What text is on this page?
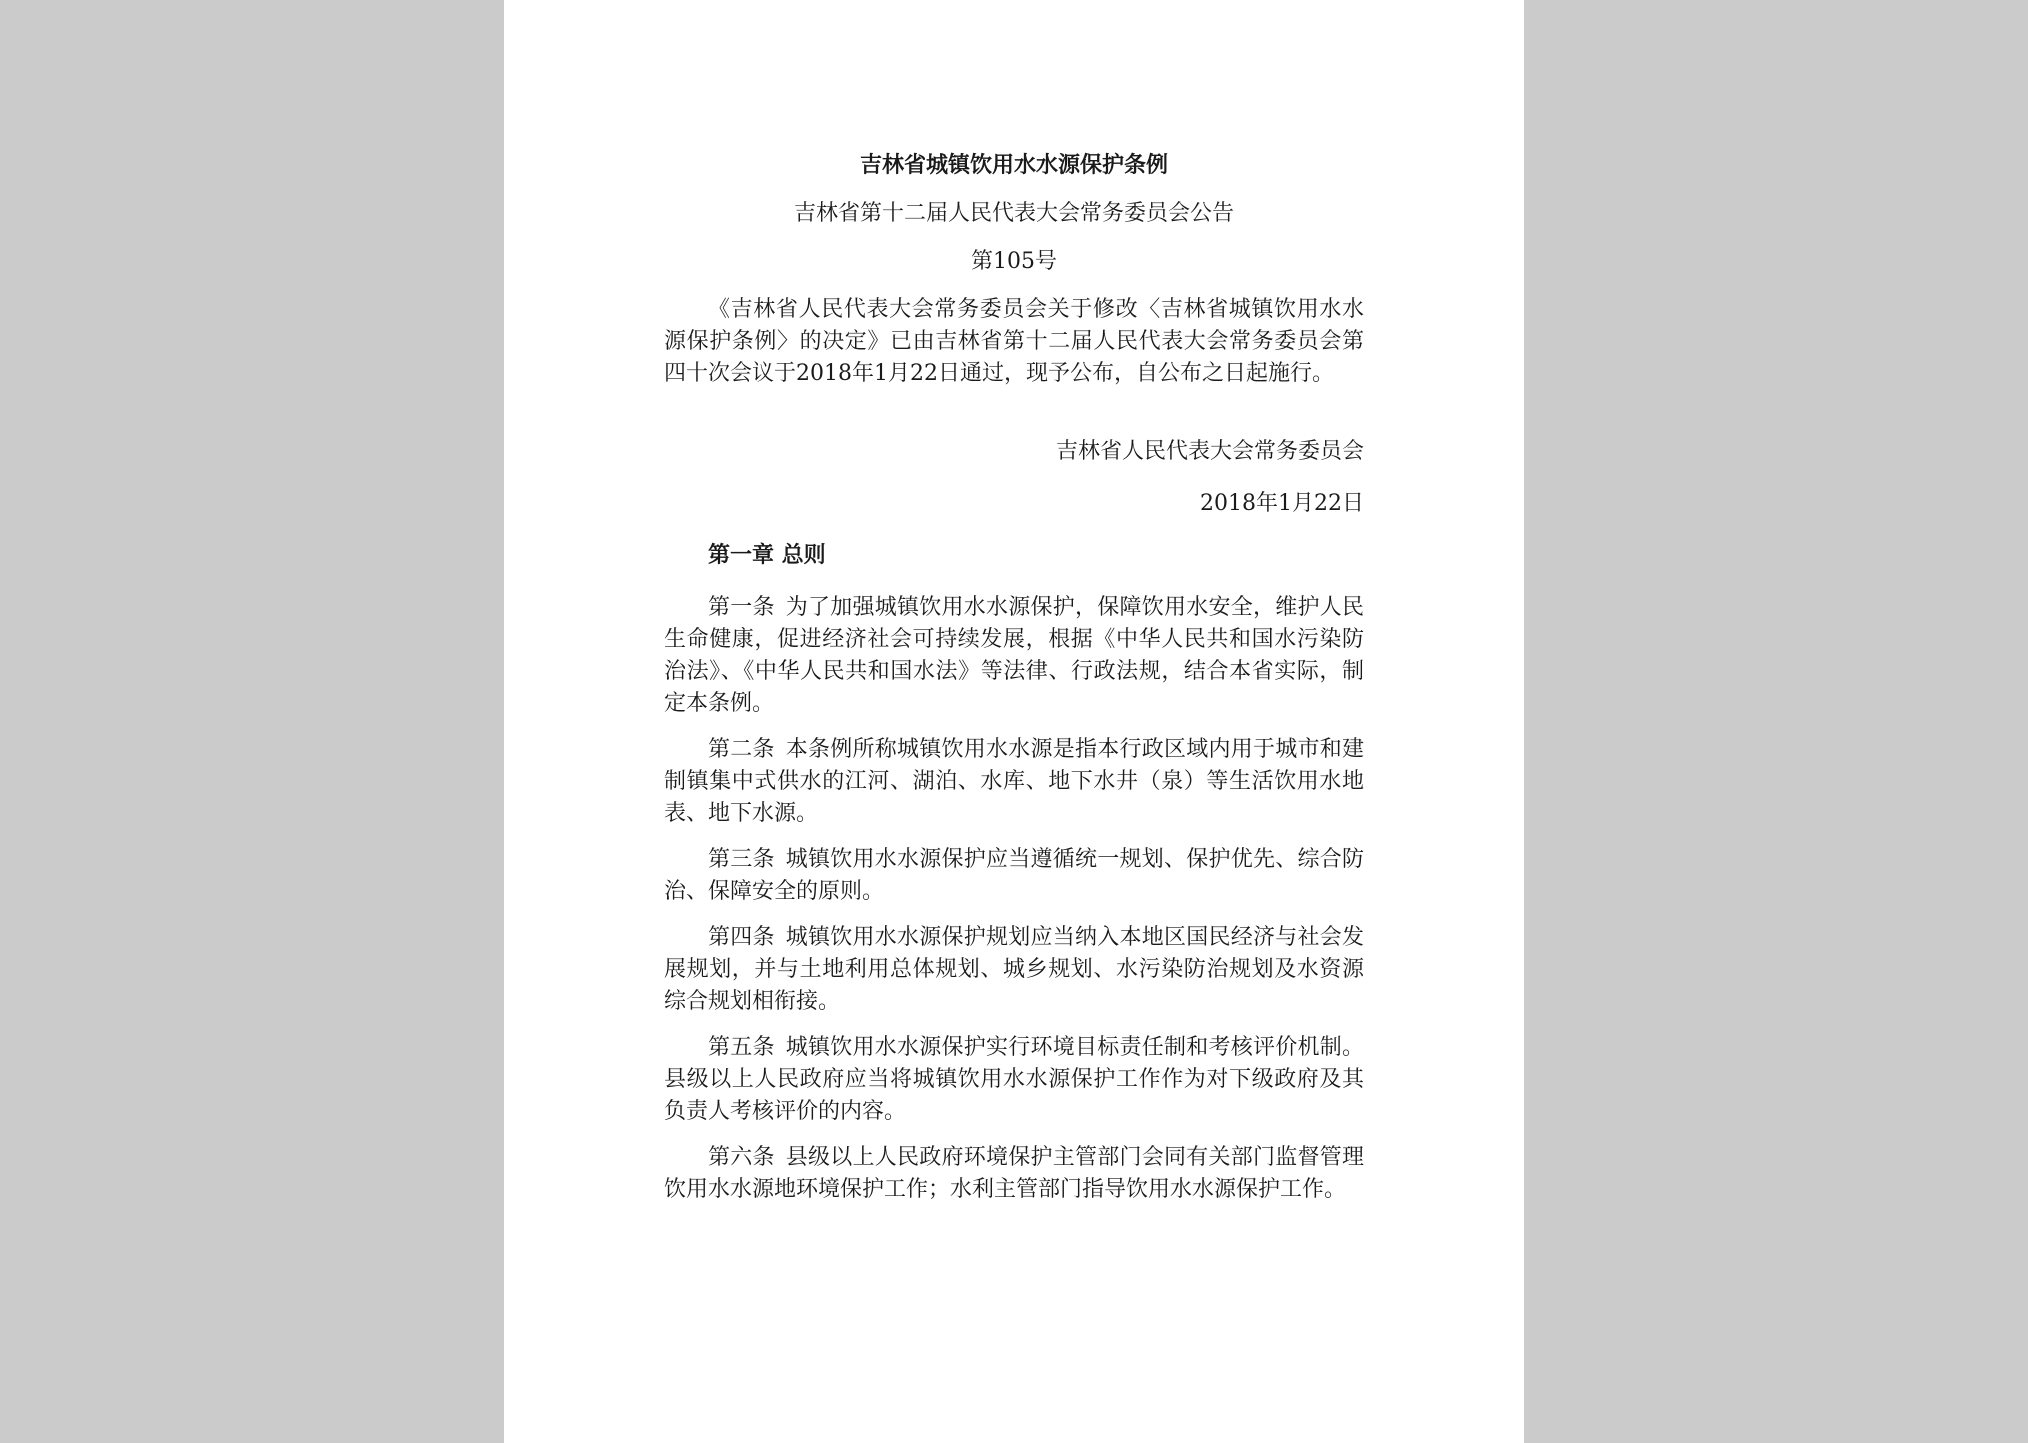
吉林省城镇饮用水水源保护条例
吉林省第十二届人民代表大会常务委员会公告
第105号
《吉林省人民代表大会常务委员会关于修改〈吉林省城镇饮用水水源保护条例〉的决定》已由吉林省第十二届人民代表大会常务委员会第四十次会议于2018年1月22日通过，现予公布，自公布之日起施行。
吉林省人民代表大会常务委员会
2018年1月22日
第一章 总则
第一条 为了加强城镇饮用水水源保护，保障饮用水安全，维护人民生命健康，促进经济社会可持续发展，根据《中华人民共和国水污染防治法》、《中华人民共和国水法》等法律、行政法规，结合本省实际，制定本条例。
第二条 本条例所称城镇饮用水水源是指本行政区域内用于城市和建制镇集中式供水的江河、湖泊、水库、地下水井（泉）等生活饮用水地表、地下水源。
第三条 城镇饮用水水源保护应当遵循统一规划、保护优先、综合防治、保障安全的原则。
第四条 城镇饮用水水源保护规划应当纳入本地区国民经济与社会发展规划，并与土地利用总体规划、城乡规划、水污染防治规划及水资源综合规划相衔接。
第五条 城镇饮用水水源保护实行环境目标责任制和考核评价机制。县级以上人民政府应当将城镇饮用水水源保护工作作为对下级政府及其负责人考核评价的内容。
第六条 县级以上人民政府环境保护主管部门会同有关部门监督管理饮用水水源地环境保护工作；水利主管部门指导饮用水水源保护工作。
